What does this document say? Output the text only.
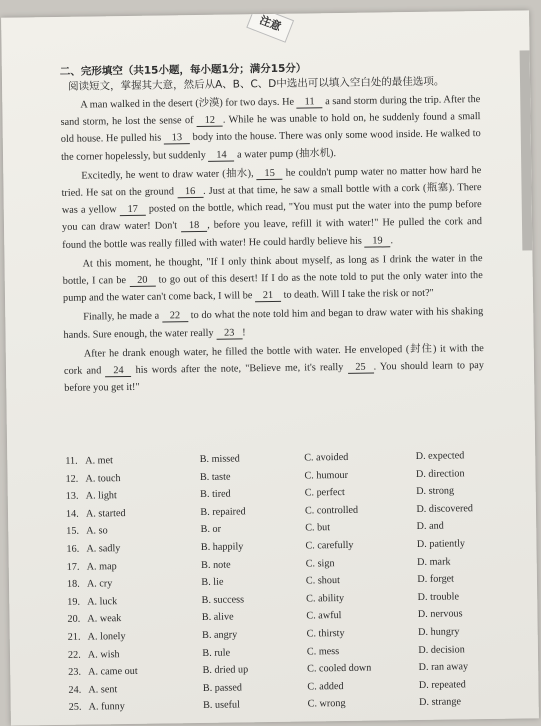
注意
二、完形填空（共15小题，每小题1分；满分15分）
阅读短文，掌握其大意，然后从A、B、C、D中选出可以填入空白处的最佳选项。

A man walked in the desert (沙漠) for two days. He 11 a sand storm during the trip. After the sand storm, he lost the sense of 12 . While he was unable to hold on, he suddenly found a small old house. He pulled his 13 body into the house. There was only some wood inside. He walked to the corner hopelessly, but suddenly 14 a water pump (抽水机).

Excitedly, he went to draw water (抽水), 15 he couldn't pump water no matter how hard he tried. He sat on the ground 16 . Just at that time, he saw a small bottle with a cork (瓶塞). There was a yellow 17 posted on the bottle, which read, "You must put the water into the pump before you can draw water! Don't 18 , before you leave, refill it with water!" He pulled the cork and found the bottle was really filled with water! He could hardly believe his 19 .

At this moment, he thought, "If I only think about myself, as long as I drink the water in the bottle, I can be 20 to go out of this desert! If I do as the note told to put the only water into the pump and the water can't come back, I will be 21 to death. Will I take the risk or not?"

Finally, he made a 22 to do what the note told him and began to draw water with his shaking hands. Sure enough, the water really 23 !

After he drank enough water, he filled the bottle with water. He enveloped (封住) it with the cork and 24 his words after the note, "Believe me, it's really 25 . You should learn to pay before you get it!"

11. A. met	B. missed	C. avoided	D. expected
12. A. touch	B. taste	C. humour	D. direction
13. A. light	B. tired	C. perfect	D. strong
14. A. started	B. repaired	C. controlled	D. discovered
15. A. so	B. or	C. but	D. and
16. A. sadly	B. happily	C. carefully	D. patiently
17. A. map	B. note	C. sign	D. mark
18. A. cry	B. lie	C. shout	D. forget
19. A. luck	B. success	C. ability	D. trouble
20. A. weak	B. alive	C. awful	D. nervous
21. A. lonely	B. angry	C. thirsty	D. hungry
22. A. wish	B. rule	C. mess	D. decision
23. A. came out	B. dried up	C. cooled down	D. ran away
24. A. sent	B. passed	C. added	D. repeated
25. A. funny	B. useful	C. wrong	D. strange
